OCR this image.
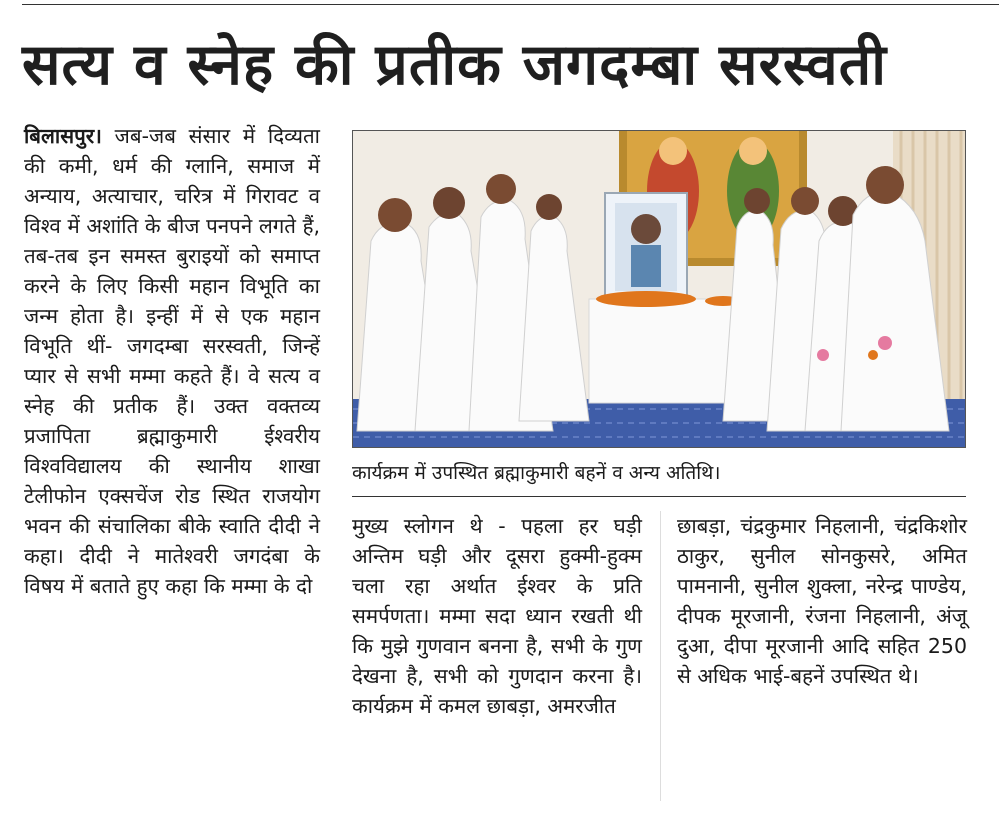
सत्य व स्नेह की प्रतीक जगदम्बा सरस्वती
बिलासपुर। जब-जब संसार में दिव्यता की कमी, धर्म की ग्लानि, समाज में अन्याय, अत्याचार, चरित्र में गिरावट व विश्व में अशांति के बीज पनपने लगते हैं, तब-तब इन समस्त बुराइयों को समाप्त करने के लिए किसी महान विभूति का जन्म होता है। इन्हीं में से एक महान विभूति थीं- जगदम्बा सरस्वती, जिन्हें प्यार से सभी मम्मा कहते हैं। वे सत्य व स्नेह की प्रतीक हैं। उक्त वक्तव्य प्रजापिता ब्रह्माकुमारी ईश्वरीय विश्वविद्यालय की स्थानीय शाखा टेलीफोन एक्सचेंज रोड स्थित राजयोग भवन की संचालिका बीके स्वाति दीदी ने कहा। दीदी ने मातेश्वरी जगदंबा के विषय में बताते हुए कहा कि मम्मा के दो
कार्यक्रम में उपस्थित ब्रह्माकुमारी बहनें व अन्य अतिथि।
मुख्य स्लोगन थे - पहला हर घड़ी अन्तिम घड़ी और दूसरा हुक्मी-हुक्म चला रहा अर्थात ईश्वर के प्रति समर्पणता। मम्मा सदा ध्यान रखती थी कि मुझे गुणवान बनना है, सभी के गुण देखना है, सभी को गुणदान करना है। कार्यक्रम में कमल छाबड़ा, अमरजीत
छाबड़ा, चंद्रकुमार निहलानी, चंद्रकिशोर ठाकुर, सुनील सोनकुसरे, अमित पामनानी, सुनील शुक्ला, नरेन्द्र पाण्डेय, दीपक मूरजानी, रंजना निहलानी, अंजू दुआ, दीपा मूरजानी आदि सहित 250 से अधिक भाई-बहनें उपस्थित थे।
